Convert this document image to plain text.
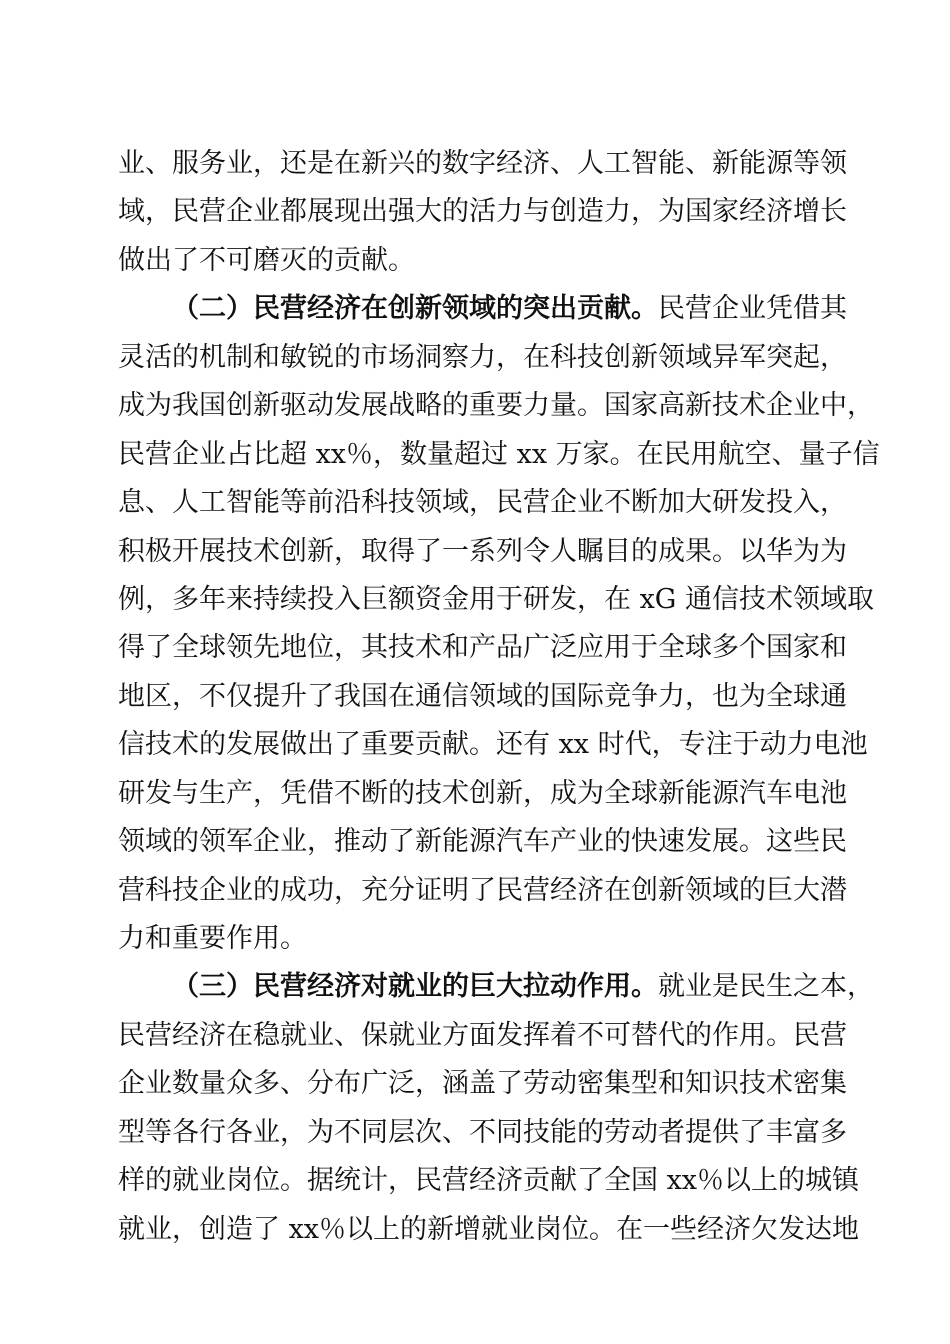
业、服务业，还是在新兴的数字经济、人工智能、新能源等领
域，民营企业都展现出强大的活力与创造力，为国家经济增长
做出了不可磨灭的贡献。
（二）民营经济在创新领域的突出贡献。民营企业凭借其
灵活的机制和敏锐的市场洞察力，在科技创新领域异军突起，
成为我国创新驱动发展战略的重要力量。国家高新技术企业中，
民营企业占比超 xx％，数量超过 xx 万家。在民用航空、量子信
息、人工智能等前沿科技领域，民营企业不断加大研发投入，
积极开展技术创新，取得了一系列令人瞩目的成果。以华为为
例，多年来持续投入巨额资金用于研发，在 xG 通信技术领域取
得了全球领先地位，其技术和产品广泛应用于全球多个国家和
地区，不仅提升了我国在通信领域的国际竞争力，也为全球通
信技术的发展做出了重要贡献。还有 xx 时代，专注于动力电池
研发与生产，凭借不断的技术创新，成为全球新能源汽车电池
领域的领军企业，推动了新能源汽车产业的快速发展。这些民
营科技企业的成功，充分证明了民营经济在创新领域的巨大潜
力和重要作用。
（三）民营经济对就业的巨大拉动作用。就业是民生之本，
民营经济在稳就业、保就业方面发挥着不可替代的作用。民营
企业数量众多、分布广泛，涵盖了劳动密集型和知识技术密集
型等各行各业，为不同层次、不同技能的劳动者提供了丰富多
样的就业岗位。据统计，民营经济贡献了全国 xx％以上的城镇
就业，创造了 xx％以上的新增就业岗位。在一些经济欠发达地
